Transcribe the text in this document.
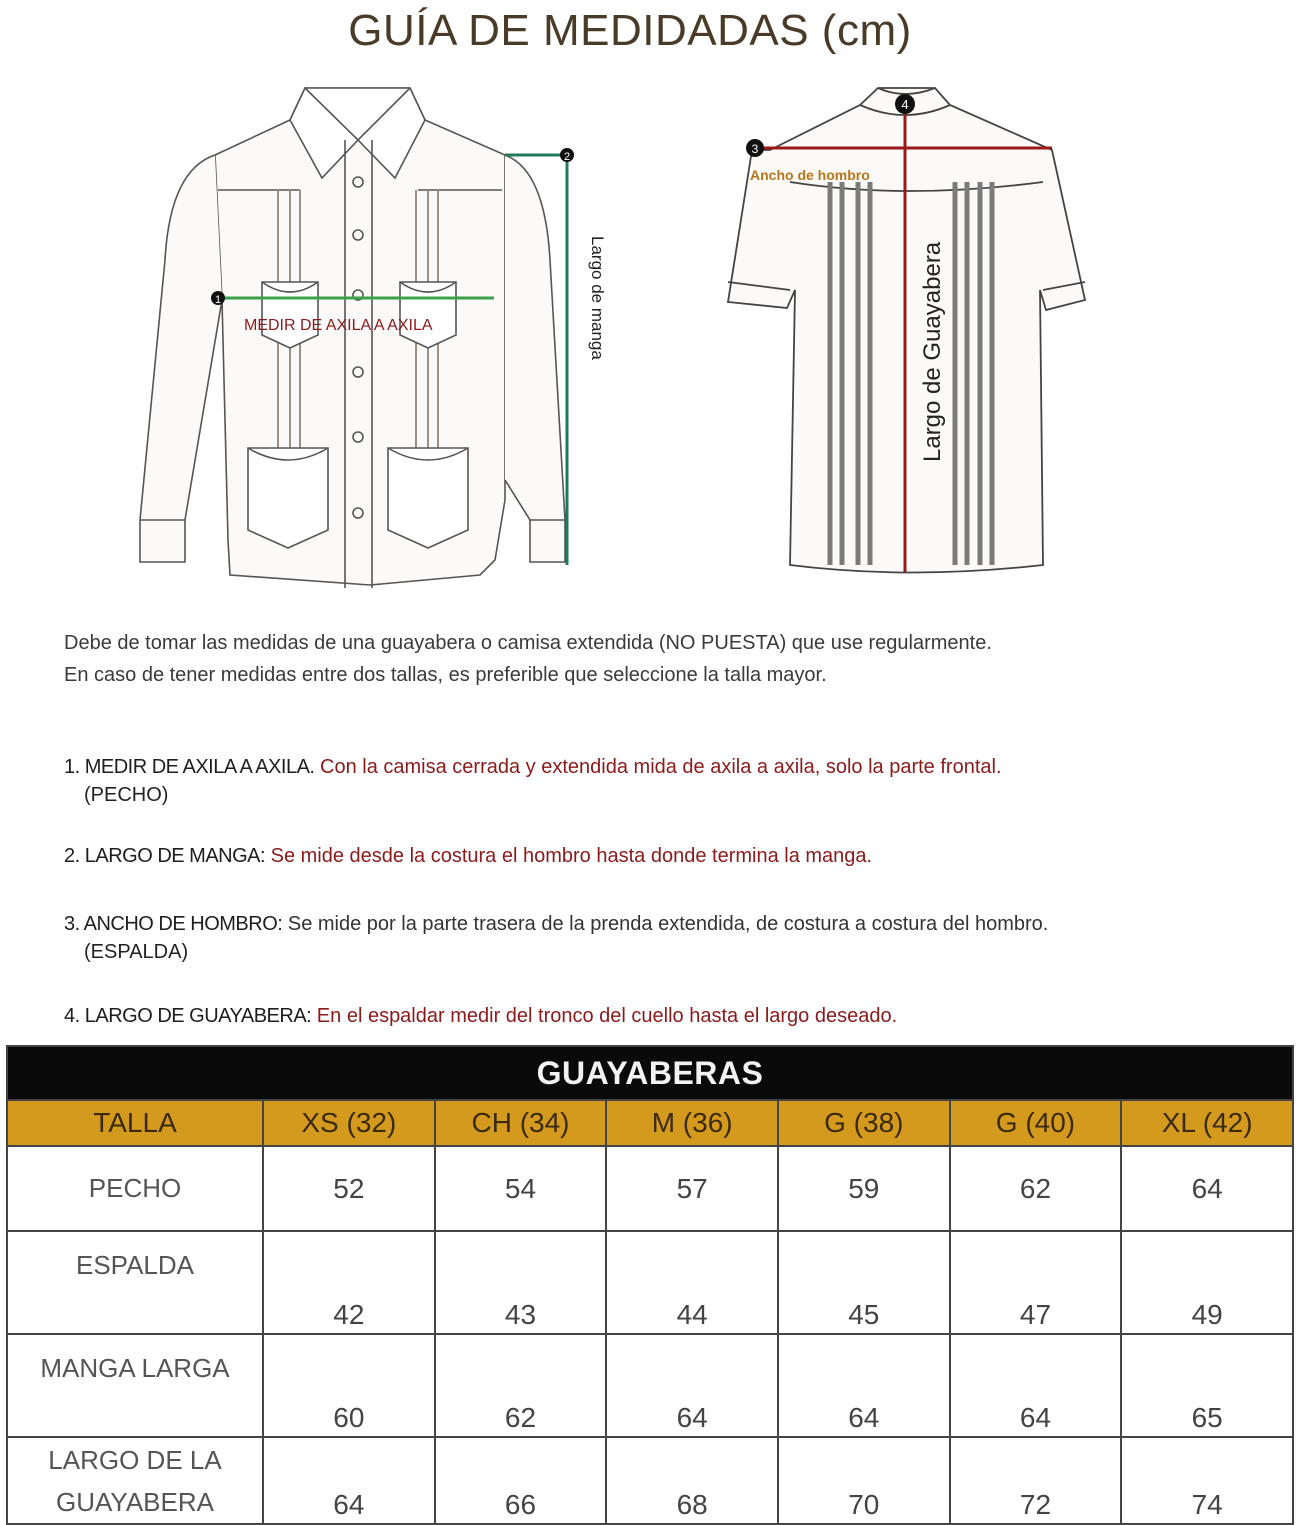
GUÍA DE MEDIDADAS (cm)
1
MEDIR DE AXILA A AXILA
2
Largo de manga
3
Ancho de hombro
4
Largo de Guayabera

Debe de tomar las medidas de una guayabera o camisa extendida (NO PUESTA) que use regularmente.

En caso de tener medidas entre dos tallas, es preferible que seleccione la talla mayor.

1. MEDIR DE AXILA A AXILA. Con la camisa cerrada y extendida mida de axila a axila, solo la parte frontal.
(PECHO)
2. LARGO DE MANGA: Se mide desde la costura el hombro hasta donde termina la manga.
3. ANCHO DE HOMBRO: Se mide por la parte trasera de la prenda extendida, de costura a costura del hombro.
(ESPALDA)
4. LARGO DE GUAYABERA: En el espaldar medir del tronco del cuello hasta el largo deseado.
GUAYABERAS						
TALLA	XS (32)	CH (34)	M (36)	G (38)	G (40)	XL (42)
PECHO	52	54	57	59	62	64
ESPALDA	42	43	44	45	47	49
MANGA LARGA	60	62	64	64	64	65

LARGO DE LA
GUAYABERA	64	66	68	70	72	74
